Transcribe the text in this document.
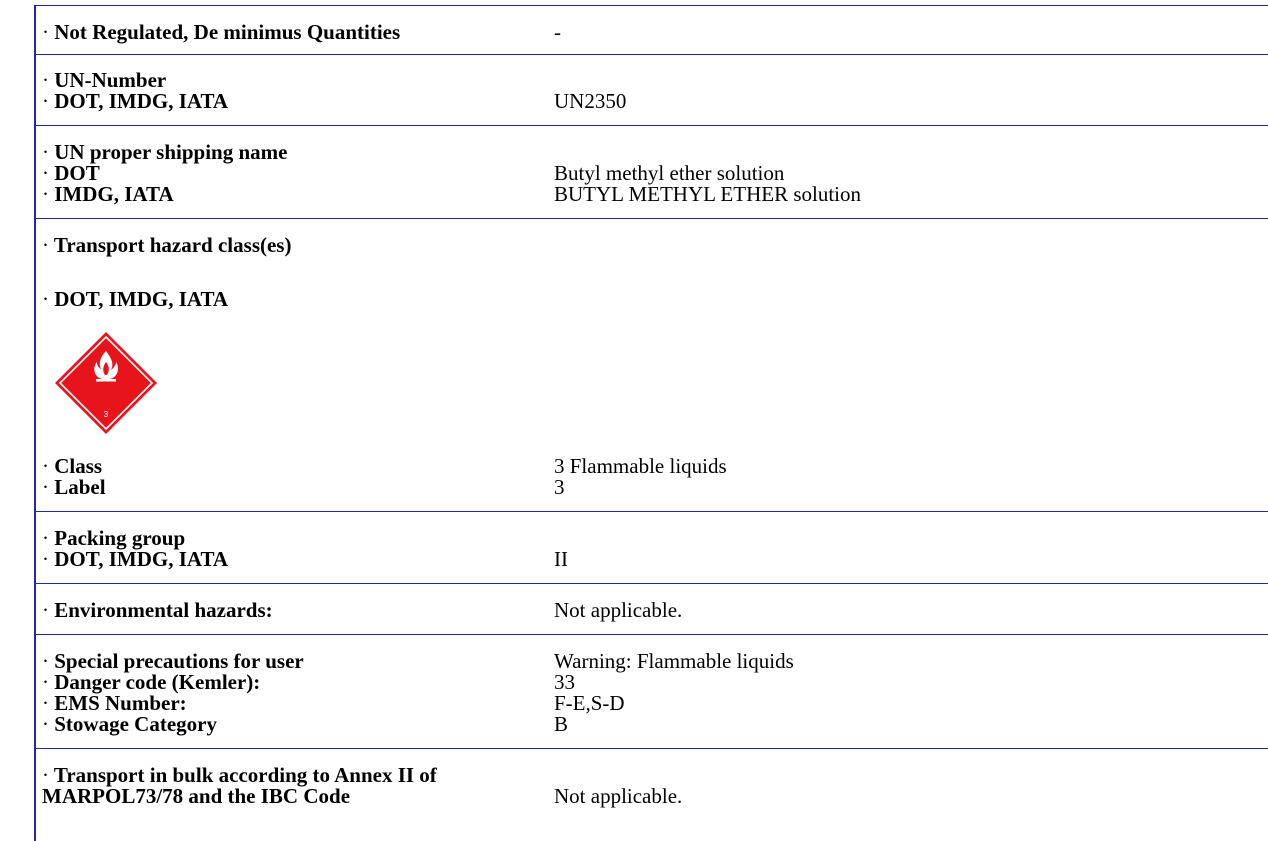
· Not Regulated, De minimus Quantities	-
· UN-Number
· DOT, IMDG, IATA	UN2350
· UN proper shipping name
· DOT	Butyl methyl ether solution
· IMDG, IATA	BUTYL METHYL ETHER solution
· Transport hazard class(es)
· DOT, IMDG, IATA
3
· Class	3 Flammable liquids
· Label	3
· Packing group
· DOT, IMDG, IATA	II
· Environmental hazards:	Not applicable.
· Special precautions for user	Warning: Flammable liquids
· Danger code (Kemler):	33
· EMS Number:	F-E,S-D
· Stowage Category	B
· Transport in bulk according to Annex II of
MARPOL73/78 and the IBC Code	Not applicable.
